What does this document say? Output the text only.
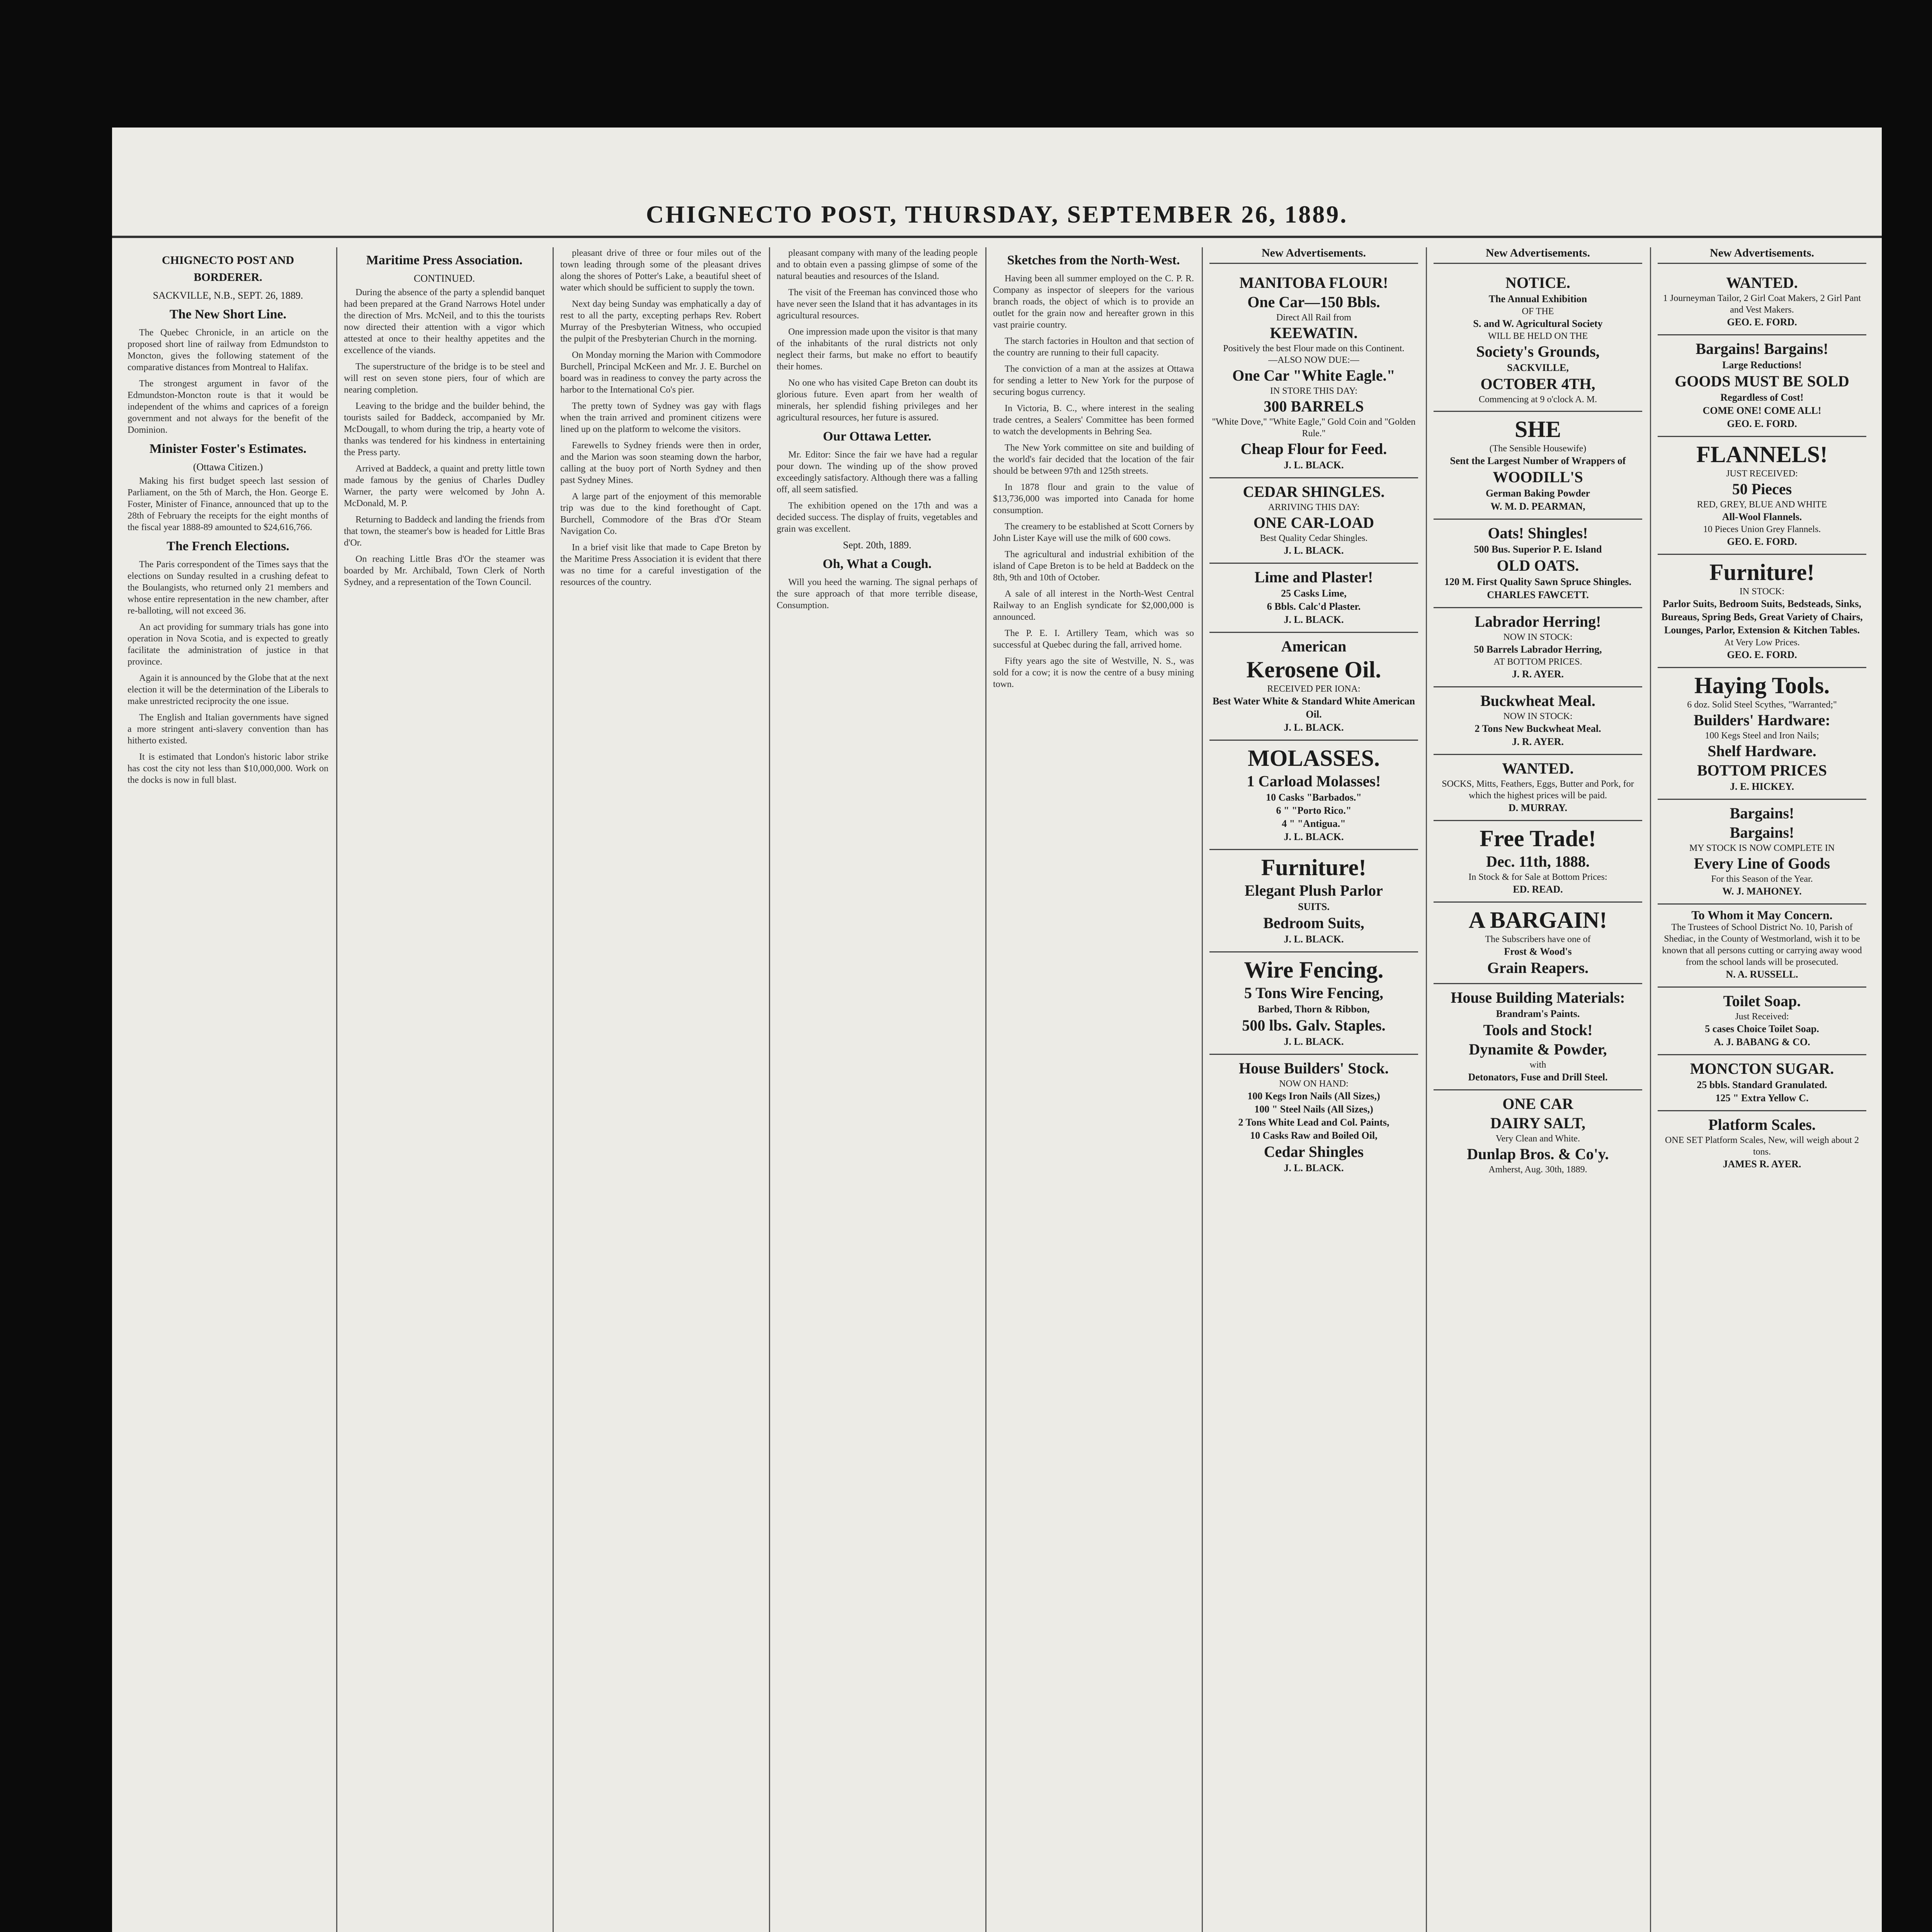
CHIGNECTO POST, THURSDAY, SEPTEMBER 26, 1889.
CHIGNECTO POST AND BORDERER.
SACKVILLE, N.B., SEPT. 26, 1889.
The New Short Line.

The Quebec Chronicle, in an article on the proposed short line of railway from Edmundston to Moncton, gives the following statement of the comparative distances from Montreal to Halifax.

The strongest argument in favor of the Edmundston-Moncton route is that it would be independent of the whims and caprices of a foreign government and not always for the benefit of the Dominion.

Minister Foster's Estimates.
(Ottawa Citizen.)

Making his first budget speech last session of Parliament, on the 5th of March, the Hon. George E. Foster, Minister of Finance, announced that up to the 28th of February the receipts for the eight months of the fiscal year 1888-89 amounted to $24,616,766.

The French Elections.

The Paris correspondent of the Times says that the elections on Sunday resulted in a crushing defeat to the Boulangists, who returned only 21 members and whose entire representation in the new chamber, after re-balloting, will not exceed 36.

An act providing for summary trials has gone into operation in Nova Scotia, and is expected to greatly facilitate the administration of justice in that province.

Again it is announced by the Globe that at the next election it will be the determination of the Liberals to make unrestricted reciprocity the one issue.

The English and Italian governments have signed a more stringent anti-slavery convention than has hitherto existed.

It is estimated that London's historic labor strike has cost the city not less than $10,000,000. Work on the docks is now in full blast.

Maritime Press Association.
CONTINUED.

During the absence of the party a splendid banquet had been prepared at the Grand Narrows Hotel under the direction of Mrs. McNeil, and to this the tourists now directed their attention with a vigor which attested at once to their healthy appetites and the excellence of the viands.

The superstructure of the bridge is to be steel and will rest on seven stone piers, four of which are nearing completion.

Leaving to the bridge and the builder behind, the tourists sailed for Baddeck, accompanied by Mr. McDougall, to whom during the trip, a hearty vote of thanks was tendered for his kindness in entertaining the Press party.

Arrived at Baddeck, a quaint and pretty little town made famous by the genius of Charles Dudley Warner, the party were welcomed by John A. McDonald, M. P.

Returning to Baddeck and landing the friends from that town, the steamer's bow is headed for Little Bras d'Or.

On reaching Little Bras d'Or the steamer was boarded by Mr. Archibald, Town Clerk of North Sydney, and a representation of the Town Council.

pleasant drive of three or four miles out of the town leading through some of the pleasant drives along the shores of Potter's Lake, a beautiful sheet of water which should be sufficient to supply the town.

Next day being Sunday was emphatically a day of rest to all the party, excepting perhaps Rev. Robert Murray of the Presbyterian Witness, who occupied the pulpit of the Presbyterian Church in the morning.

On Monday morning the Marion with Commodore Burchell, Principal McKeen and Mr. J. E. Burchel on board was in readiness to convey the party across the harbor to the International Co's pier.

The pretty town of Sydney was gay with flags when the train arrived and prominent citizens were lined up on the platform to welcome the visitors.

Farewells to Sydney friends were then in order, and the Marion was soon steaming down the harbor, calling at the buoy port of North Sydney and then past Sydney Mines.

A large part of the enjoyment of this memorable trip was due to the kind forethought of Capt. Burchell, Commodore of the Bras d'Or Steam Navigation Co.

In a brief visit like that made to Cape Breton by the Maritime Press Association it is evident that there was no time for a careful investigation of the resources of the country.

pleasant company with many of the leading people and to obtain even a passing glimpse of some of the natural beauties and resources of the Island.

The visit of the Freeman has convinced those who have never seen the Island that it has advantages in its agricultural resources.

One impression made upon the visitor is that many of the inhabitants of the rural districts not only neglect their farms, but make no effort to beautify their homes.

No one who has visited Cape Breton can doubt its glorious future. Even apart from her wealth of minerals, her splendid fishing privileges and her agricultural resources, her future is assured.

Our Ottawa Letter.

Mr. Editor: Since the fair we have had a regular pour down. The winding up of the show proved exceedingly satisfactory. Although there was a falling off, all seem satisfied.

The exhibition opened on the 17th and was a decided success. The display of fruits, vegetables and grain was excellent.

Sept. 20th, 1889.
Oh, What a Cough.

Will you heed the warning. The signal perhaps of the sure approach of that more terrible disease, Consumption.

Sketches from the North-West.

Having been all summer employed on the C. P. R. Company as inspector of sleepers for the various branch roads, the object of which is to provide an outlet for the grain now and hereafter grown in this vast prairie country.

The starch factories in Houlton and that section of the country are running to their full capacity.

The conviction of a man at the assizes at Ottawa for sending a letter to New York for the purpose of securing bogus currency.

In Victoria, B. C., where interest in the sealing trade centres, a Sealers' Committee has been formed to watch the developments in Behring Sea.

The New York committee on site and building of the world's fair decided that the location of the fair should be between 97th and 125th streets.

In 1878 flour and grain to the value of $13,736,000 was imported into Canada for home consumption.

The creamery to be established at Scott Corners by John Lister Kaye will use the milk of 600 cows.

The agricultural and industrial exhibition of the island of Cape Breton is to be held at Baddeck on the 8th, 9th and 10th of October.

A sale of all interest in the North-West Central Railway to an English syndicate for $2,000,000 is announced.

The P. E. I. Artillery Team, which was so successful at Quebec during the fall, arrived home.

Fifty years ago the site of Westville, N. S., was sold for a cow; it is now the centre of a busy mining town.

New Advertisements.
MANITOBA FLOUR!
One Car—150 Bbls.
Direct All Rail from
KEEWATIN.
Positively the best Flour made on this Continent.
—ALSO NOW DUE:—
One Car "White Eagle."
IN STORE THIS DAY:
300 BARRELS
"White Dove," "White Eagle," Gold Coin and "Golden Rule."
Cheap Flour for Feed.
J. L. BLACK.
CEDAR SHINGLES.
ARRIVING THIS DAY:
ONE CAR-LOAD
Best Quality Cedar Shingles.
J. L. BLACK.
Lime and Plaster!
25 Casks Lime,
6 Bbls. Calc'd Plaster.
J. L. BLACK.
American
Kerosene Oil.
RECEIVED PER IONA:
Best Water White & Standard White American Oil.
J. L. BLACK.
MOLASSES.
1 Carload Molasses!
10 Casks "Barbados."
6 " "Porto Rico."
4 " "Antigua."
J. L. BLACK.
Furniture!
Elegant Plush Parlor
SUITS.
Bedroom Suits,
J. L. BLACK.
Wire Fencing.
5 Tons Wire Fencing,
Barbed, Thorn & Ribbon,
500 lbs. Galv. Staples.
J. L. BLACK.
House Builders' Stock.
NOW ON HAND:
100 Kegs Iron Nails (All Sizes,)
100 " Steel Nails (All Sizes,)
2 Tons White Lead and Col. Paints,
10 Casks Raw and Boiled Oil,
Cedar Shingles
J. L. BLACK.
New Advertisements.
NOTICE.
The Annual Exhibition
OF THE
S. and W. Agricultural Society
WILL BE HELD ON THE
Society's Grounds,
SACKVILLE,
OCTOBER 4TH,
Commencing at 9 o'clock A. M.
SHE
(The Sensible Housewife)
Sent the Largest Number of Wrappers of
WOODILL'S
German Baking Powder
W. M. D. PEARMAN,
Oats! Shingles!
500 Bus. Superior P. E. Island
OLD OATS.
120 M. First Quality Sawn Spruce Shingles.
CHARLES FAWCETT.
Labrador Herring!
NOW IN STOCK:
50 Barrels Labrador Herring,
AT BOTTOM PRICES.
J. R. AYER.
Buckwheat Meal.
NOW IN STOCK:
2 Tons New Buckwheat Meal.
J. R. AYER.
WANTED.
SOCKS, Mitts, Feathers, Eggs, Butter and Pork, for which the highest prices will be paid.
D. MURRAY.
Free Trade!
Dec. 11th, 1888.
In Stock & for Sale at Bottom Prices:
ED. READ.
A BARGAIN!
The Subscribers have one of
Frost & Wood's
Grain Reapers.
House Building Materials:
Brandram's Paints.
Tools and Stock!
Dynamite & Powder,
with
Detonators, Fuse and Drill Steel.
ONE CAR
DAIRY SALT,
Very Clean and White.
Dunlap Bros. & Co'y.
Amherst, Aug. 30th, 1889.
New Advertisements.
WANTED.
1 Journeyman Tailor, 2 Girl Coat Makers, 2 Girl Pant and Vest Makers.
GEO. E. FORD.
Bargains! Bargains!
Large Reductions!
GOODS MUST BE SOLD
Regardless of Cost!
COME ONE! COME ALL!
GEO. E. FORD.
FLANNELS!
JUST RECEIVED:
50 Pieces
RED, GREY, BLUE AND WHITE
All-Wool Flannels.
10 Pieces Union Grey Flannels.
GEO. E. FORD.
Furniture!
IN STOCK:
Parlor Suits, Bedroom Suits, Bedsteads, Sinks, Bureaus, Spring Beds, Great Variety of Chairs, Lounges, Parlor, Extension & Kitchen Tables.
At Very Low Prices.
GEO. E. FORD.
Haying Tools.
6 doz. Solid Steel Scythes, "Warranted;"
Builders' Hardware:
100 Kegs Steel and Iron Nails;
Shelf Hardware.
BOTTOM PRICES
J. E. HICKEY.
Bargains!
Bargains!
MY STOCK IS NOW COMPLETE IN
Every Line of Goods
For this Season of the Year.
W. J. MAHONEY.
To Whom it May Concern.
The Trustees of School District No. 10, Parish of Shediac, in the County of Westmorland, wish it to be known that all persons cutting or carrying away wood from the school lands will be prosecuted.
N. A. RUSSELL.
Toilet Soap.
Just Received:
5 cases Choice Toilet Soap.
A. J. BABANG & CO.
MONCTON SUGAR.
25 bbls. Standard Granulated.
125 " Extra Yellow C.
Platform Scales.
ONE SET Platform Scales, New, will weigh about 2 tons.
JAMES R. AYER.
